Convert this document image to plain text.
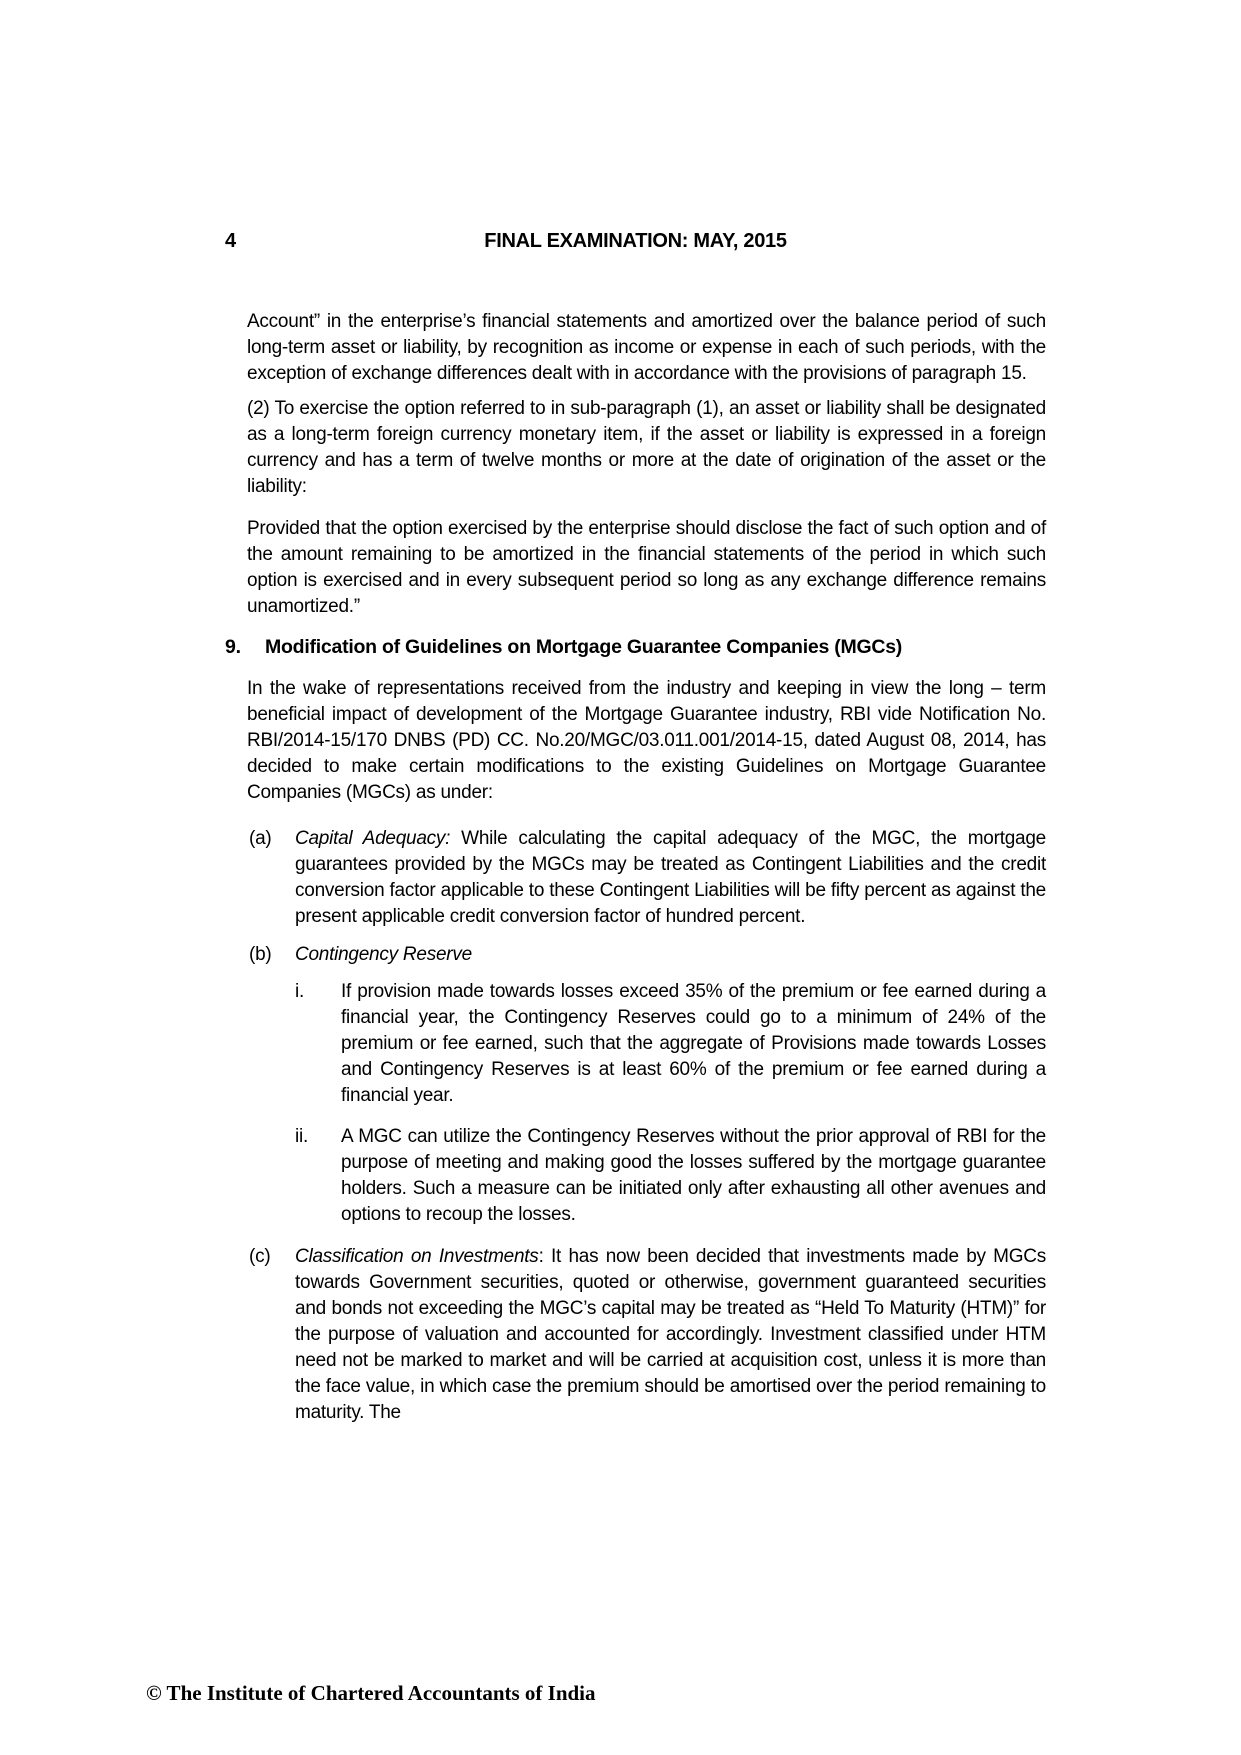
4	FINAL EXAMINATION: MAY, 2015

Account” in the enterprise’s financial statements and amortized over the balance period of such long-term asset or liability, by recognition as income or expense in each of such periods, with the exception of exchange differences dealt with in accordance with the provisions of paragraph 15.

(2) To exercise the option referred to in sub-paragraph (1), an asset or liability shall be designated as a long-term foreign currency monetary item, if the asset or liability is expressed in a foreign currency and has a term of twelve months or more at the date of origination of the asset or the liability:

Provided that the option exercised by the enterprise should disclose the fact of such option and of the amount remaining to be amortized in the financial statements of the period in which such option is exercised and in every subsequent period so long as any exchange difference remains unamortized.”

9. Modification of Guidelines on Mortgage Guarantee Companies (MGCs)

In the wake of representations received from the industry and keeping in view the long – term beneficial impact of development of the Mortgage Guarantee industry, RBI vide Notification No. RBI/2014-15/170 DNBS (PD) CC. No.20/MGC/03.011.001/2014-15, dated August 08, 2014, has decided to make certain modifications to the existing Guidelines on Mortgage Guarantee Companies (MGCs) as under:

(a) Capital Adequacy: While calculating the capital adequacy of the MGC, the mortgage guarantees provided by the MGCs may be treated as Contingent Liabilities and the credit conversion factor applicable to these Contingent Liabilities will be fifty percent as against the present applicable credit conversion factor of hundred percent.

(b) Contingency Reserve

i. If provision made towards losses exceed 35% of the premium or fee earned during a financial year, the Contingency Reserves could go to a minimum of 24% of the premium or fee earned, such that the aggregate of Provisions made towards Losses and Contingency Reserves is at least 60% of the premium or fee earned during a financial year.

ii. A MGC can utilize the Contingency Reserves without the prior approval of RBI for the purpose of meeting and making good the losses suffered by the mortgage guarantee holders. Such a measure can be initiated only after exhausting all other avenues and options to recoup the losses.

(c) Classification on Investments: It has now been decided that investments made by MGCs towards Government securities, quoted or otherwise, government guaranteed securities and bonds not exceeding the MGC’s capital may be treated as “Held To Maturity (HTM)” for the purpose of valuation and accounted for accordingly. Investment classified under HTM need not be marked to market and will be carried at acquisition cost, unless it is more than the face value, in which case the premium should be amortised over the period remaining to maturity. The

© The Institute of Chartered Accountants of India
